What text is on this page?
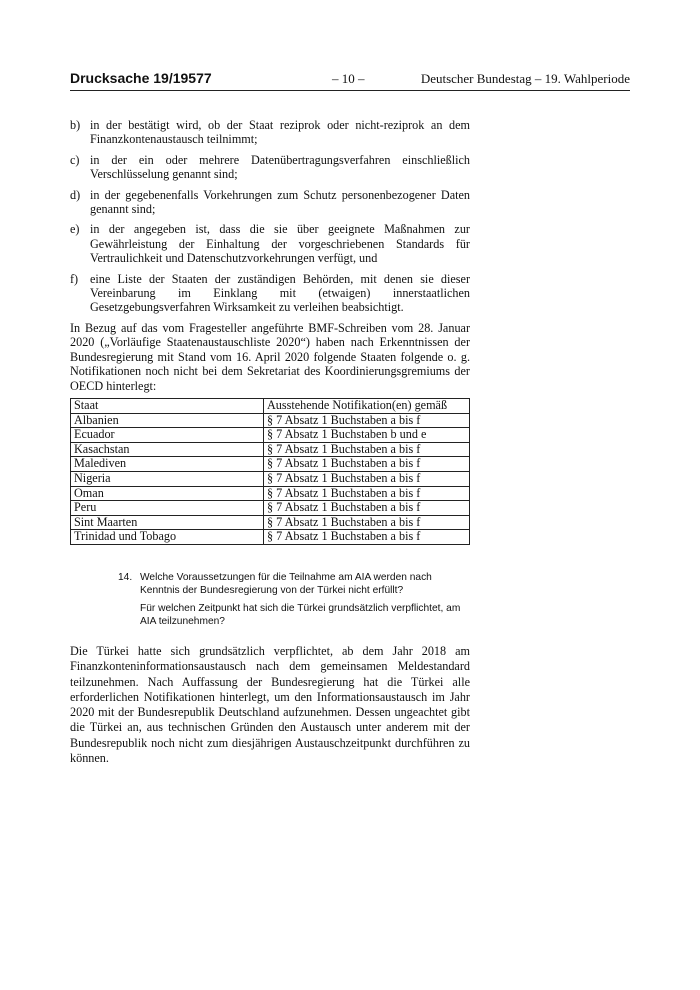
Drucksache 19/19577	– 10 –	Deutscher Bundestag – 19. Wahlperiode
b) in der bestätigt wird, ob der Staat reziprok oder nicht-reziprok an dem Finanzkontenaustausch teilnimmt;
c) in der ein oder mehrere Datenübertragungsverfahren einschließlich Verschlüsselung genannt sind;
d) in der gegebenenfalls Vorkehrungen zum Schutz personenbezogener Daten genannt sind;
e) in der angegeben ist, dass die sie über geeignete Maßnahmen zur Gewährleistung der Einhaltung der vorgeschriebenen Standards für Vertraulichkeit und Datenschutzvorkehrungen verfügt, und
f) eine Liste der Staaten der zuständigen Behörden, mit denen sie dieser Vereinbarung im Einklang mit (etwaigen) innerstaatlichen Gesetzgebungsverfahren Wirksamkeit zu verleihen beabsichtigt.

In Bezug auf das vom Fragesteller angeführte BMF-Schreiben vom 28. Januar 2020 („Vorläufige Staatenaustauschliste 2020“) haben nach Erkenntnissen der Bundesregierung mit Stand vom 16. April 2020 folgende Staaten folgende o. g. Notifikationen noch nicht bei dem Sekretariat des Koordinierungsgremiums der OECD hinterlegt:

Staat	Ausstehende Notifikation(en) gemäß
Albanien	§ 7 Absatz 1 Buchstaben a bis f
Ecuador	§ 7 Absatz 1 Buchstaben b und e
Kasachstan	§ 7 Absatz 1 Buchstaben a bis f
Malediven	§ 7 Absatz 1 Buchstaben a bis f
Nigeria	§ 7 Absatz 1 Buchstaben a bis f
Oman	§ 7 Absatz 1 Buchstaben a bis f
Peru	§ 7 Absatz 1 Buchstaben a bis f
Sint Maarten	§ 7 Absatz 1 Buchstaben a bis f
Trinidad und Tobago	§ 7 Absatz 1 Buchstaben a bis f
14. Welche Voraussetzungen für die Teilnahme am AIA werden nach Kenntnis der Bundesregierung von der Türkei nicht erfüllt?

Für welchen Zeitpunkt hat sich die Türkei grundsätzlich verpflichtet, am AIA teilzunehmen?

Die Türkei hatte sich grundsätzlich verpflichtet, ab dem Jahr 2018 am Finanzkonteninformationsaustausch nach dem gemeinsamen Meldestandard teilzunehmen. Nach Auffassung der Bundesregierung hat die Türkei alle erforderlichen Notifikationen hinterlegt, um den Informationsaustausch im Jahr 2020 mit der Bundesrepublik Deutschland aufzunehmen. Dessen ungeachtet gibt die Türkei an, aus technischen Gründen den Austausch unter anderem mit der Bundesrepublik noch nicht zum diesjährigen Austauschzeitpunkt durchführen zu können.
